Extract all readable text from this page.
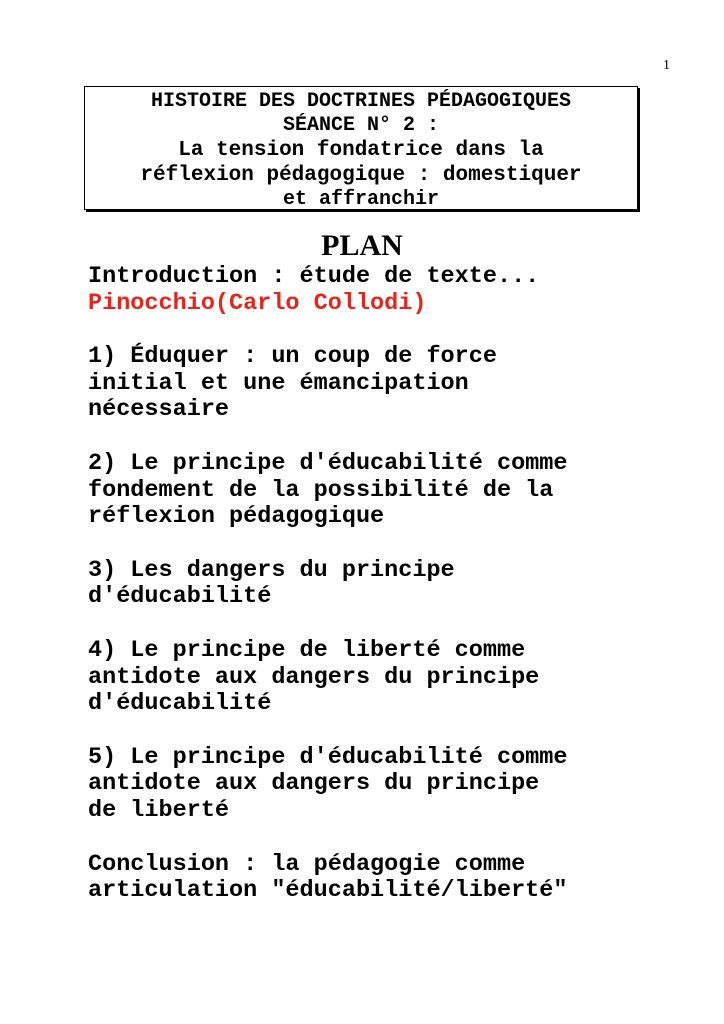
1
HISTOIRE DES DOCTRINES PÉDAGOGIQUES
SÉANCE N° 2 :
La tension fondatrice dans la
réflexion pédagogique : domestiquer
et affranchir
PLAN
Introduction : étude de texte...
Pinocchio(Carlo Collodi)
1) Éduquer : un coup de force
initial et une émancipation
nécessaire
2) Le principe d'éducabilité comme
fondement de la possibilité de la
réflexion pédagogique
3) Les dangers du principe
d'éducabilité
4) Le principe de liberté comme
antidote aux dangers du principe
d'éducabilité
5) Le principe d'éducabilité comme
antidote aux dangers du principe
de liberté
Conclusion : la pédagogie comme
articulation "éducabilité/liberté"
